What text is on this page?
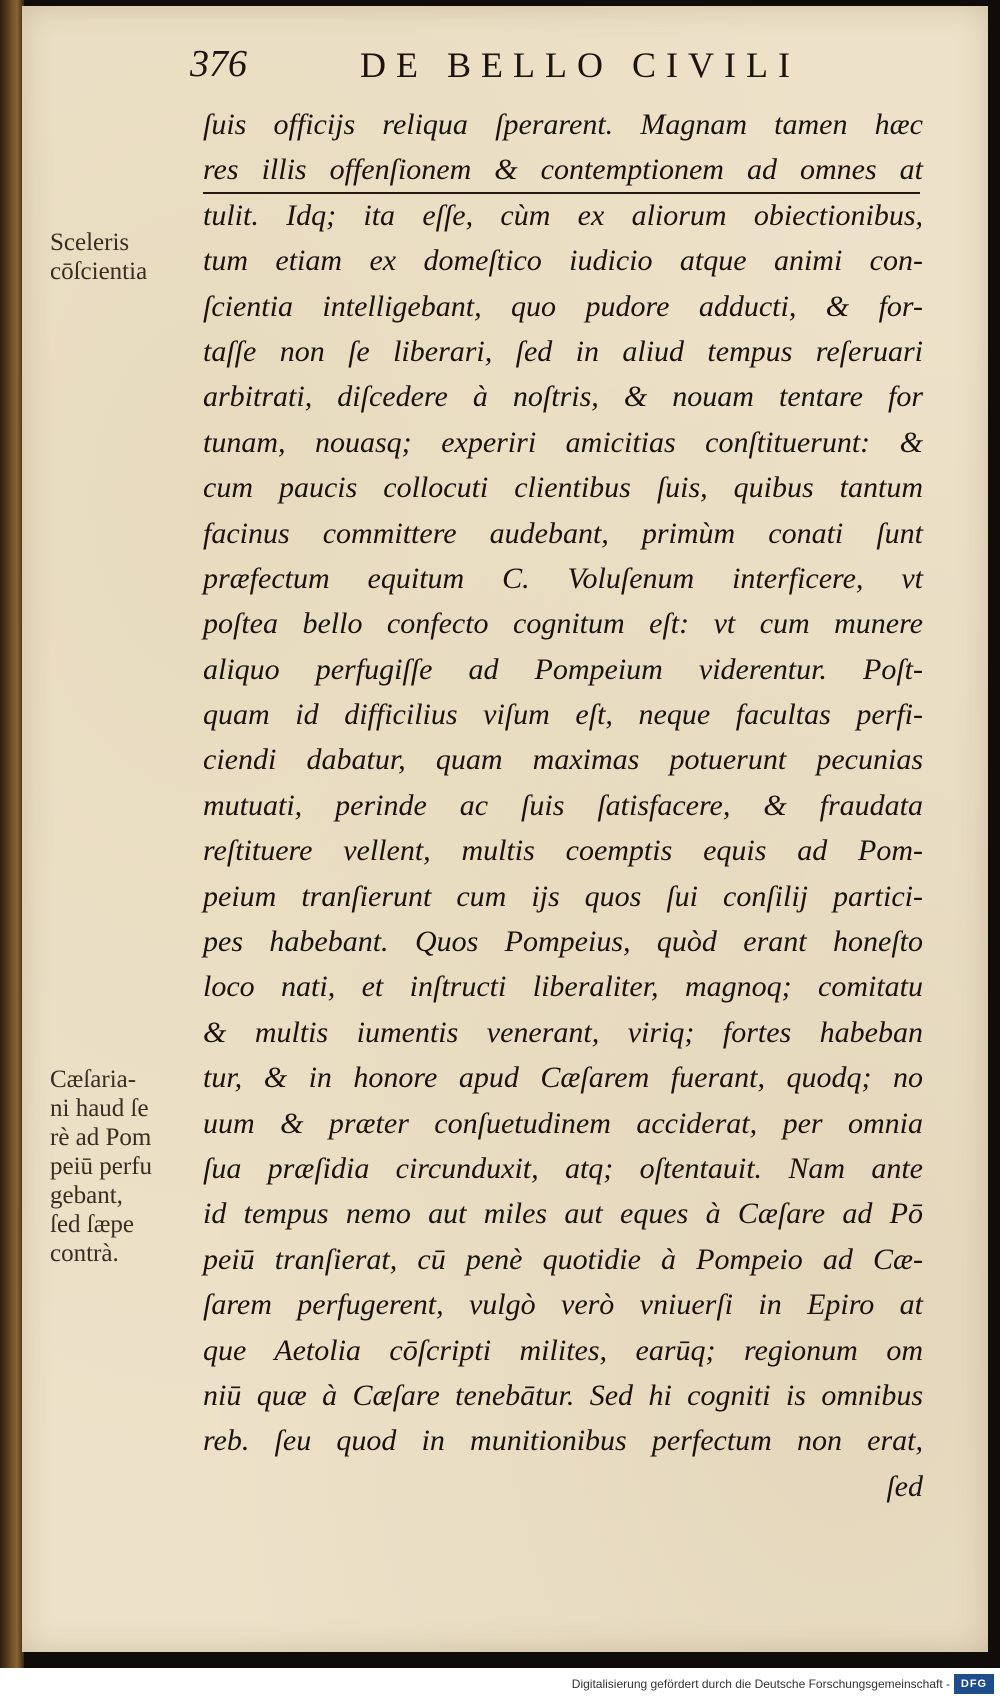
376	DE BELLO CIVILI
ſuis officijs reliqua ſperarent. Magnam tamen hæc
res illis offenſionem & contemptionem ad omnes at
tulit. Idq; ita eſſe, cùm ex aliorum obiectionibus,
tum etiam ex domeſtico iudicio atque animi con-
ſcientia intelligebant, quo pudore adducti, & for-
taſſe non ſe liberari, ſed in aliud tempus reſeruari
arbitrati, diſcedere à noſtris, & nouam tentare for
tunam, nouasq; experiri amicitias conſtituerunt: &
cum paucis collocuti clientibus ſuis, quibus tantum
facinus committere audebant, primùm conati ſunt
præfectum equitum C. Voluſenum interficere, vt
poſtea bello confecto cognitum eſt: vt cum munere
aliquo perfugiſſe ad Pompeium viderentur. Poſt-
quam id difficilius viſum eſt, neque facultas perfi-
ciendi dabatur, quam maximas potuerunt pecunias
mutuati, perinde ac ſuis ſatisfacere, & fraudata
reſtituere vellent, multis coemptis equis ad Pom-
peium tranſierunt cum ijs quos ſui conſilij partici-
pes habebant. Quos Pompeius, quòd erant honeſto
loco nati, et inſtructi liberaliter, magnoq; comitatu
& multis iumentis venerant, viriq; fortes habeban
tur, & in honore apud Cæſarem fuerant, quodq; no
uum & præter conſuetudinem acciderat, per omnia
ſua præſidia circunduxit, atq; oſtentauit. Nam ante
id tempus nemo aut miles aut eques à Cæſare ad Pō
peiū tranſierat, cū penè quotidie à Pompeio ad Cæ-
ſarem perfugerent, vulgò verò vniuerſi in Epiro at
que Aetolia cōſcripti milites, earūq; regionum om
niū quæ à Cæſare tenebātur. Sed hi cogniti is omnibus
reb. ſeu quod in munitionibus perfectum non erat,
ſed
Sceleris
cōſcientia
Cæſaria-
ni haud ſe
rè ad Pom
peiū perfu
gebant,
ſed ſæpe
contrà.
Digitalisierung gefördert durch die Deutsche Forschungsgemeinschaft - DFG
